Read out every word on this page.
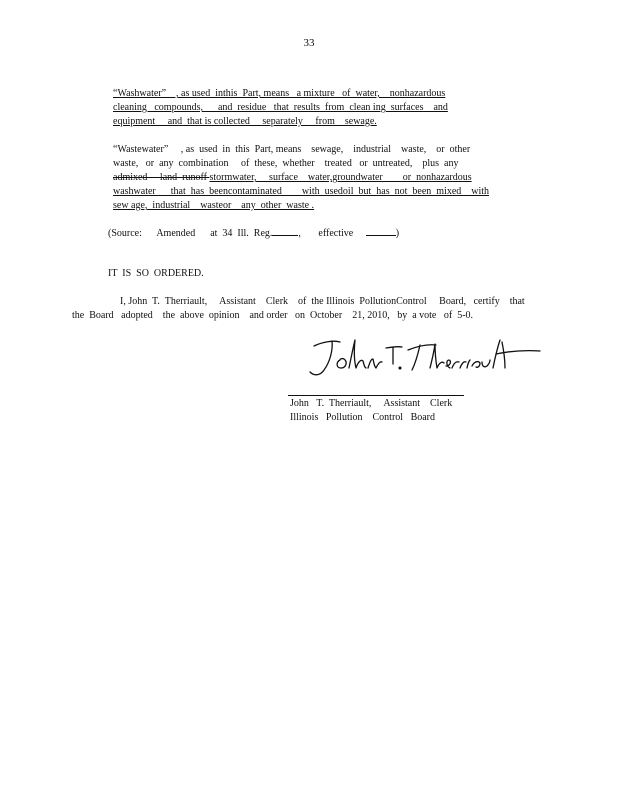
33
“Washwater”    , as used  inthis  Part, means   a mixture   of  water,    nonhazardous
cleaning   compounds,      and  residue   that  results  from  clean ing  surfaces    and
equipment     and  that is collected     separately     from    sewage.
“Wastewater”     , as  used  in  this  Part, means    sewage,    industrial    waste,    or  other
waste,   or  any  combination     of  these,  whether    treated   or  untreated,    plus  any
admixed     land  runoff stormwater,     surface    water,groundwater        or  nonhazardous
washwater      that  has  beencontaminated        with  usedoil  but  has  not  been  mixed    with
sew age,  industrial    wasteor    any  other  waste .
(Source:      Amended      at  34  Ill.  Reg.	,       effective	)
IT  IS  SO  ORDERED.
I, John  T.  Therriault,     Assistant    Clerk    of  the Illinois  PollutionControl     Board,   certify    that
the  Board   adopted    the  above  opinion    and order   on  October    21, 2010,   by  a vote   of  5-0.
John   T.  Therriault,     Assistant    Clerk
Illinois   Pollution    Control   Board
